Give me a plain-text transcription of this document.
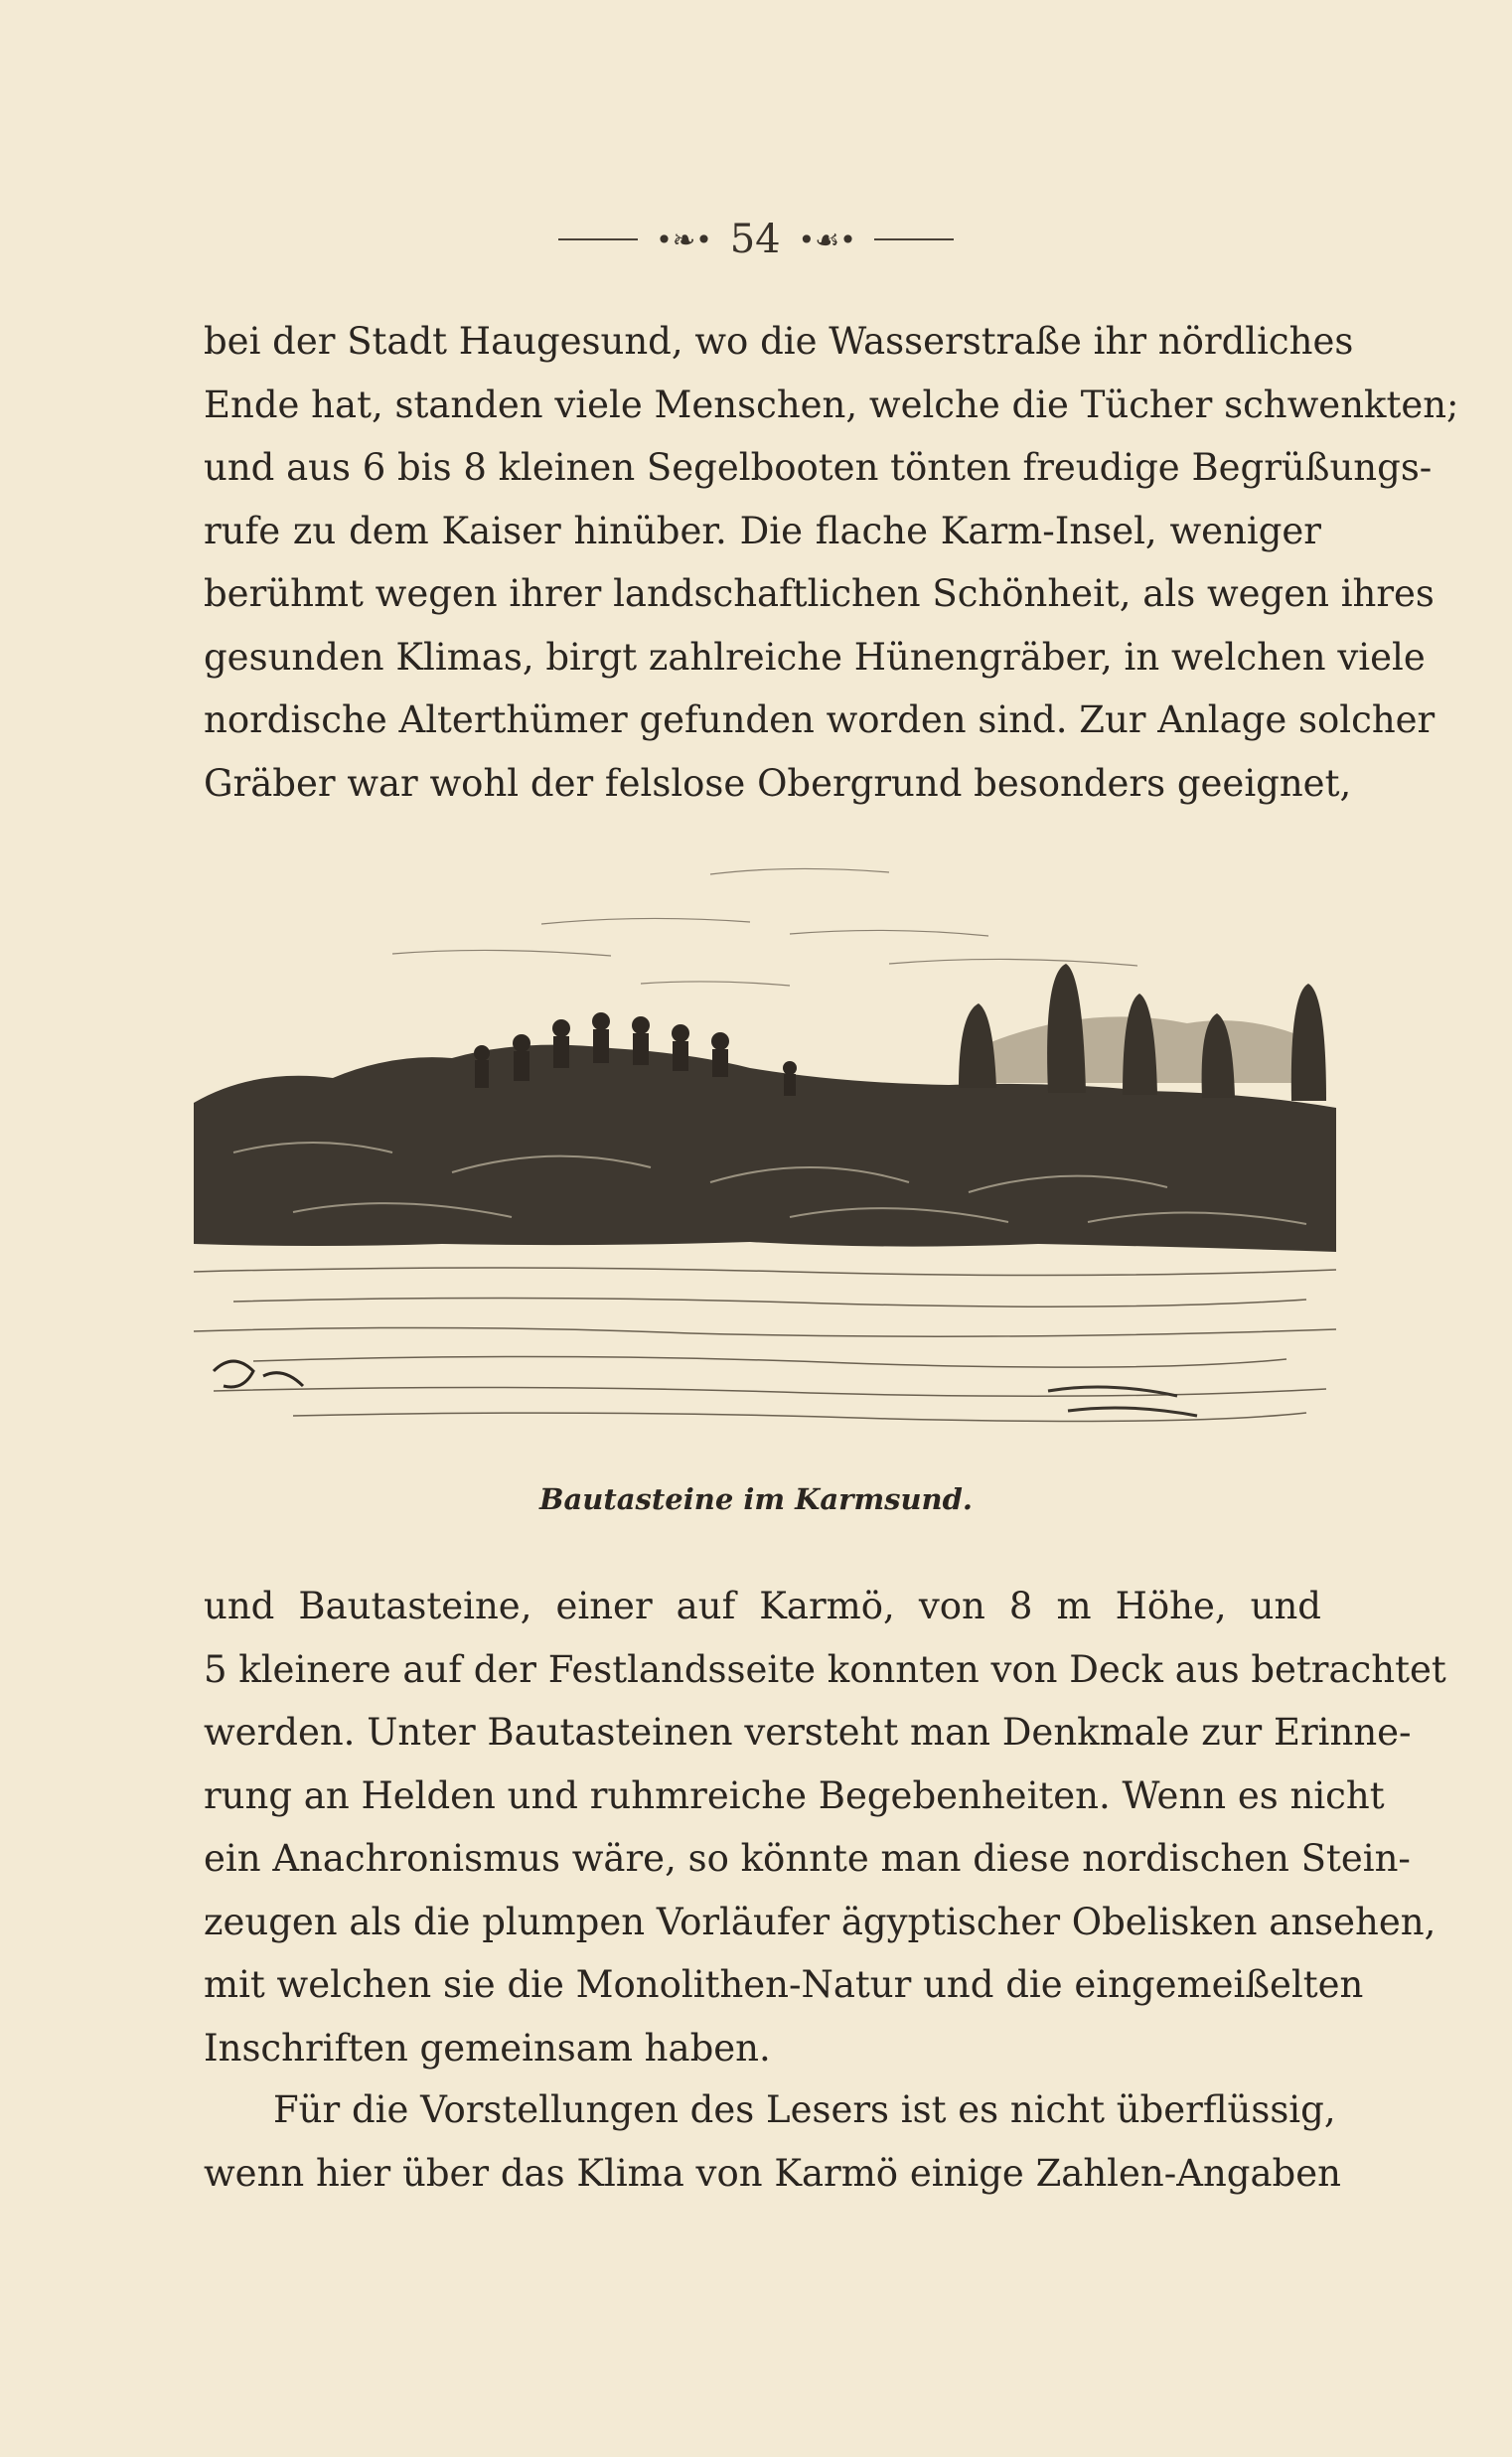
•❧• 54 •☙•
bei der Stadt Haugesund, wo die Wasserstraße ihr nördliches
Ende hat, standen viele Menschen, welche die Tücher schwenkten;
und aus 6 bis 8 kleinen Segelbooten tönten freudige Begrüßungs-
rufe zu dem Kaiser hinüber. Die flache Karm-Insel, weniger
berühmt wegen ihrer landschaftlichen Schönheit, als wegen ihres
gesunden Klimas, birgt zahlreiche Hünengräber, in welchen viele
nordische Alterthümer gefunden worden sind. Zur Anlage solcher
Gräber war wohl der felslose Obergrund besonders geeignet,
Bautasteine im Karmsund.
und Bautasteine, einer auf Karmö, von 8 m Höhe, und
5 kleinere auf der Festlandsseite konnten von Deck aus betrachtet
werden. Unter Bautasteinen versteht man Denkmale zur Erinne-
rung an Helden und ruhmreiche Begebenheiten. Wenn es nicht
ein Anachronismus wäre, so könnte man diese nordischen Stein-
zeugen als die plumpen Vorläufer ägyptischer Obelisken ansehen,
mit welchen sie die Monolithen-Natur und die eingemeißelten
Inschriften gemeinsam haben.
Für die Vorstellungen des Lesers ist es nicht überflüssig,
wenn hier über das Klima von Karmö einige Zahlen-Angaben
